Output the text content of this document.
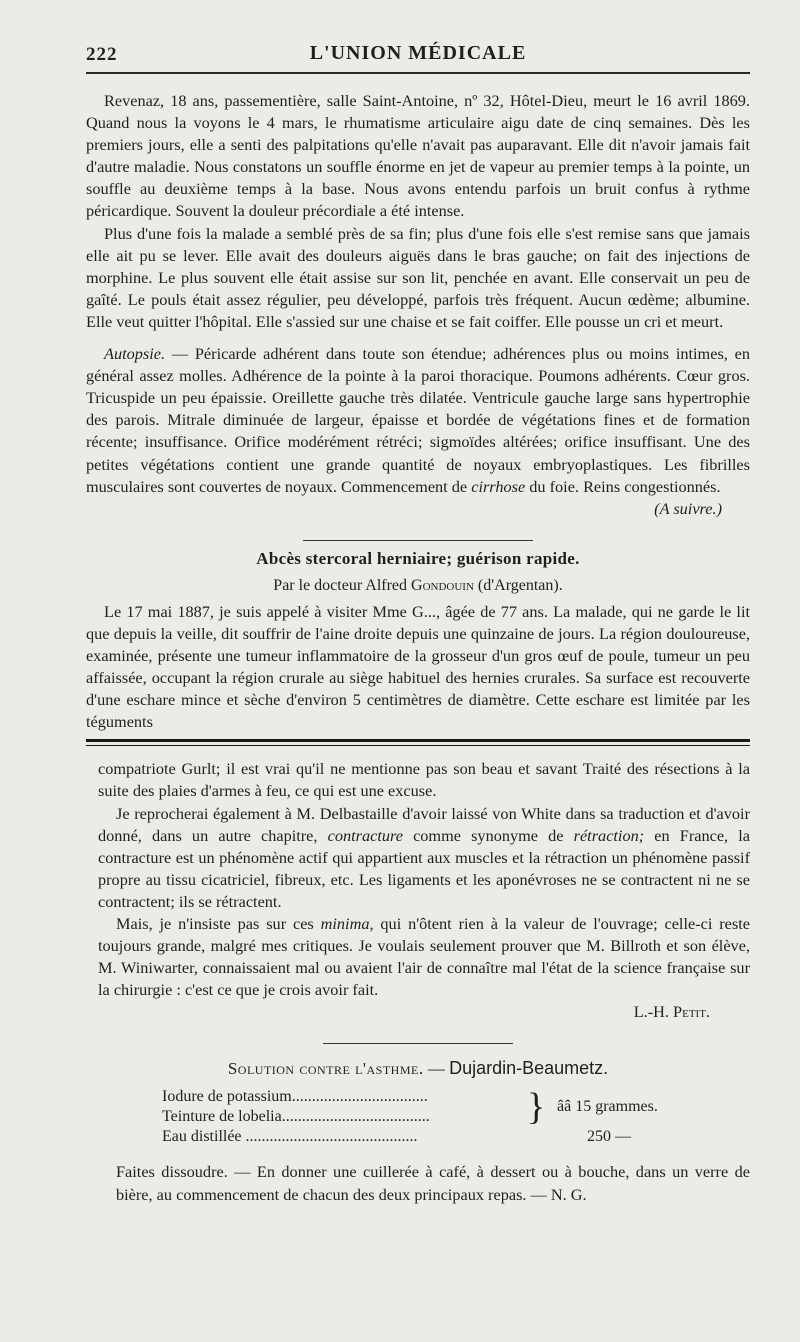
222	L'UNION MÉDICALE

Revenaz, 18 ans, passementière, salle Saint-Antoine, nº 32, Hôtel-Dieu, meurt le 16 avril 1869. Quand nous la voyons le 4 mars, le rhumatisme articulaire aigu date de cinq semaines. Dès les premiers jours, elle a senti des palpitations qu'elle n'avait pas auparavant. Elle dit n'avoir jamais fait d'autre maladie. Nous constatons un souffle énorme en jet de vapeur au premier temps à la pointe, un souffle au deuxième temps à la base. Nous avons entendu parfois un bruit confus à rythme péricardique. Souvent la douleur précordiale a été intense.

Plus d'une fois la malade a semblé près de sa fin; plus d'une fois elle s'est remise sans que jamais elle ait pu se lever. Elle avait des douleurs aiguës dans le bras gauche; on fait des injections de morphine. Le plus souvent elle était assise sur son lit, penchée en avant. Elle conservait un peu de gaîté. Le pouls était assez régulier, peu développé, parfois très fréquent. Aucun œdème; albumine. Elle veut quitter l'hôpital. Elle s'assied sur une chaise et se fait coiffer. Elle pousse un cri et meurt.

Autopsie. — Péricarde adhérent dans toute son étendue; adhérences plus ou moins intimes, en général assez molles. Adhérence de la pointe à la paroi thoracique. Poumons adhérents. Cœur gros. Tricuspide un peu épaissie. Oreillette gauche très dilatée. Ventricule gauche large sans hypertrophie des parois. Mitrale diminuée de largeur, épaisse et bordée de végétations fines et de formation récente; insuffisance. Orifice modérément rétréci; sigmoïdes altérées; orifice insuffisant. Une des petites végétations contient une grande quantité de noyaux embryoplastiques. Les fibrilles musculaires sont couvertes de noyaux. Commencement de cirrhose du foie. Reins congestionnés.

(A suivre.)

Abcès stercoral herniaire; guérison rapide.
Par le docteur Alfred Gondouin (d'Argentan).

Le 17 mai 1887, je suis appelé à visiter Mme G..., âgée de 77 ans. La malade, qui ne garde le lit que depuis la veille, dit souffrir de l'aine droite depuis une quinzaine de jours. La région douloureuse, examinée, présente une tumeur inflammatoire de la grosseur d'un gros œuf de poule, tumeur un peu affaissée, occupant la région crurale au siège habituel des hernies crurales. Sa surface est recouverte d'une eschare mince et sèche d'environ 5 centimètres de diamètre. Cette eschare est limitée par les téguments

compatriote Gurlt; il est vrai qu'il ne mentionne pas son beau et savant Traité des résections à la suite des plaies d'armes à feu, ce qui est une excuse.

Je reprocherai également à M. Delbastaille d'avoir laissé von White dans sa traduction et d'avoir donné, dans un autre chapitre, contracture comme synonyme de rétraction; en France, la contracture est un phénomène actif qui appartient aux muscles et la rétraction un phénomène passif propre au tissu cicatriciel, fibreux, etc. Les ligaments et les aponévroses ne se contractent ni ne se contractent; ils se rétractent.

Mais, je n'insiste pas sur ces minima, qui n'ôtent rien à la valeur de l'ouvrage; celle-ci reste toujours grande, malgré mes critiques. Je voulais seulement prouver que M. Billroth et son élève, M. Winiwarter, connaissaient mal ou avaient l'air de connaître mal l'état de la science française sur la chirurgie : c'est ce que je crois avoir fait.

L.-H. Petit.

Solution contre l'asthme. — Dujardin-Beaumetz.
Iodure de potassium..................................
Teinture de lobelia.....................................	} ââ 15 grammes.
Eau distillée ...........................................	250 —
Faites dissoudre. — En donner une cuillerée à café, à dessert ou à bouche, dans un verre de bière, au commencement de chacun des deux principaux repas. — N. G.
